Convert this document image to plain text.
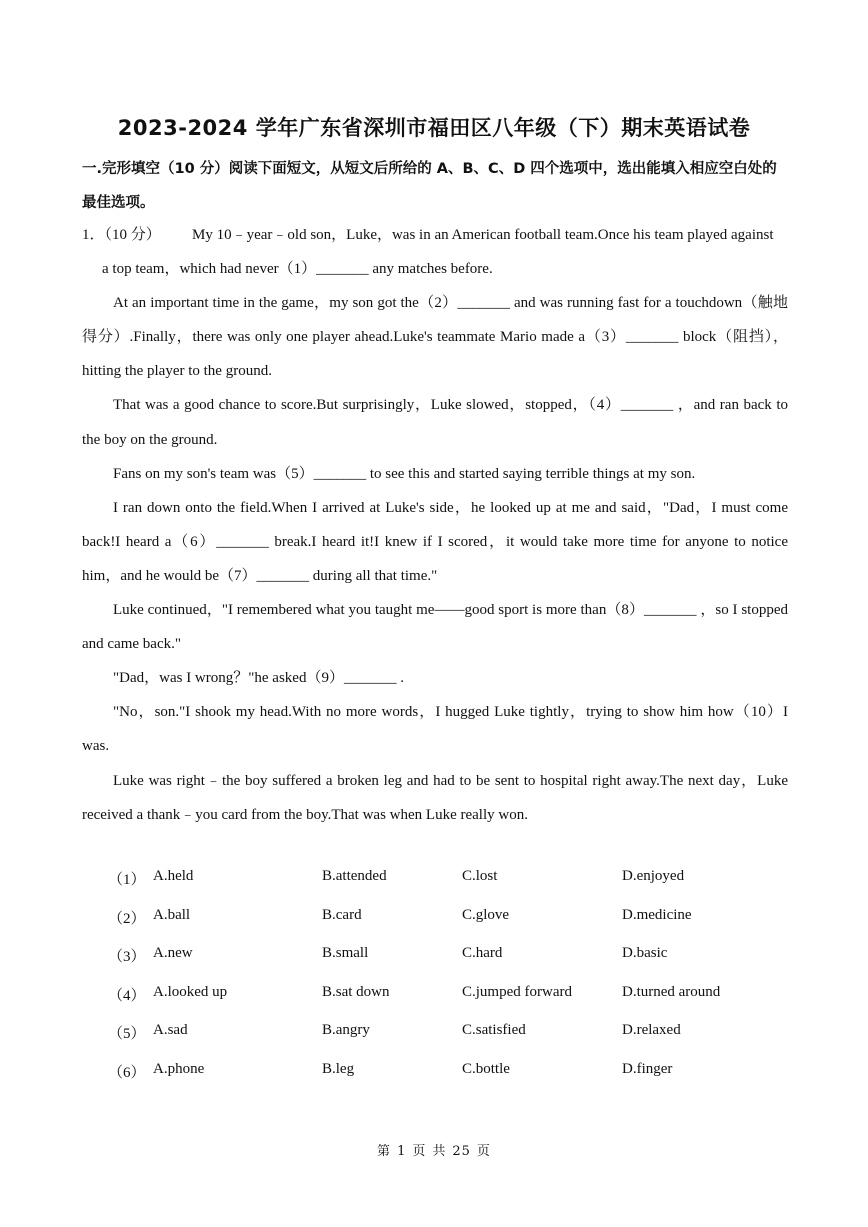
2023-2024 学年广东省深圳市福田区八年级（下）期末英语试卷
一.完形填空（10 分）阅读下面短文，从短文后所给的 A、B、C、D 四个选项中，选出能填入相应空白处的最佳选项。

1．（10 分） My 10﹣year﹣old son，Luke，was in an American football team.Once his team played against

a top team，which had never（1）_______ any matches before.

At an important time in the game，my son got the（2）_______ and was running fast for a touchdown（触地得分）.Finally，there was only one player ahead.Luke's teammate Mario made a（3）_______ block（阻挡），hitting the player to the ground.

That was a good chance to score.But surprisingly，Luke slowed，stopped，（4）_______ ，and ran back to the boy on the ground.

Fans on my son's team was（5）_______ to see this and started saying terrible things at my son.

I ran down onto the field.When I arrived at Luke's side，he looked up at me and said，"Dad，I must come back!I heard a（6）_______ break.I heard it!I knew if I scored，it would take more time for anyone to notice him，and he would be（7）_______ during all that time."

Luke continued，"I remembered what you taught me——good sport is more than（8）_______ ，so I stopped and came back."

"Dad，was I wrong？"he asked（9）_______ .

"No，son."I shook my head.With no more words，I hugged Luke tightly，trying to show him how（10）I was.

Luke was right﹣the boy suffered a broken leg and had to be sent to hospital right away.The next day，Luke received a thank﹣you card from the boy.That was when Luke really won.

（1） A.held	B.attended	C.lost	D.enjoyed
（2） A.ball	B.card	C.glove	D.medicine
（3） A.new	B.small	C.hard	D.basic
（4） A.looked up	B.sat down	C.jumped forward	D.turned around
（5） A.sad	B.angry	C.satisfied	D.relaxed
（6） A.phone	B.leg	C.bottle	D.finger
第 1 页 共 25 页
